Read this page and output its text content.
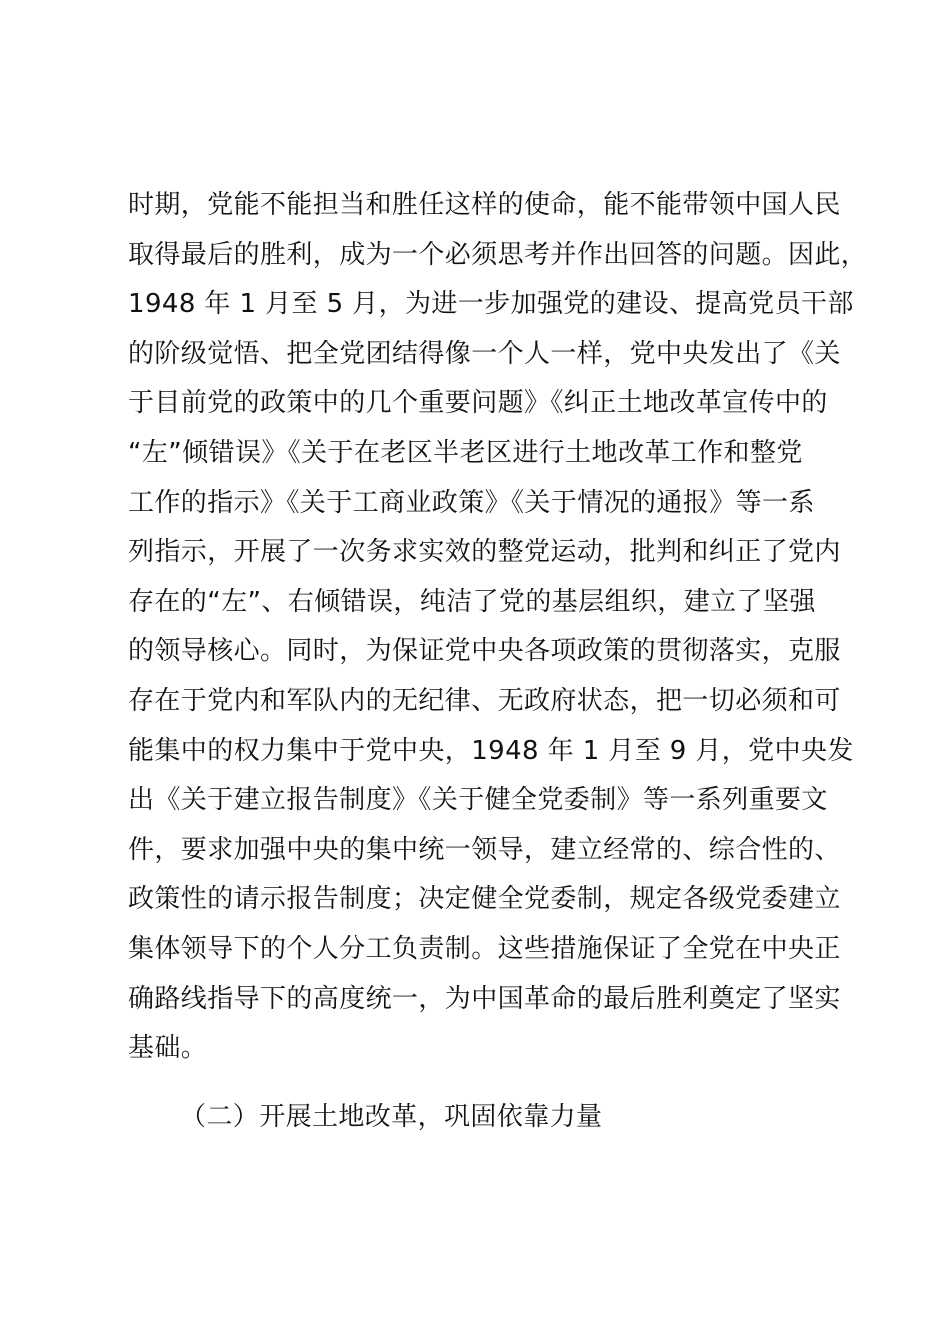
时期，党能不能担当和胜任这样的使命，能不能带领中国人民
取得最后的胜利，成为一个必须思考并作出回答的问题。因此，
1948 年 1 月至 5 月，为进一步加强党的建设、提高党员干部
的阶级觉悟、把全党团结得像一个人一样，党中央发出了《关
于目前党的政策中的几个重要问题》《纠正土地改革宣传中的
“左”倾错误》《关于在老区半老区进行土地改革工作和整党
工作的指示》《关于工商业政策》《关于情况的通报》等一系
列指示，开展了一次务求实效的整党运动，批判和纠正了党内
存在的“左”、右倾错误，纯洁了党的基层组织，建立了坚强
的领导核心。同时，为保证党中央各项政策的贯彻落实，克服
存在于党内和军队内的无纪律、无政府状态，把一切必须和可
能集中的权力集中于党中央，1948 年 1 月至 9 月，党中央发
出《关于建立报告制度》《关于健全党委制》等一系列重要文
件，要求加强中央的集中统一领导，建立经常的、综合性的、
政策性的请示报告制度；决定健全党委制，规定各级党委建立
集体领导下的个人分工负责制。这些措施保证了全党在中央正
确路线指导下的高度统一，为中国革命的最后胜利奠定了坚实
基础。
（二）开展土地改革，巩固依靠力量
